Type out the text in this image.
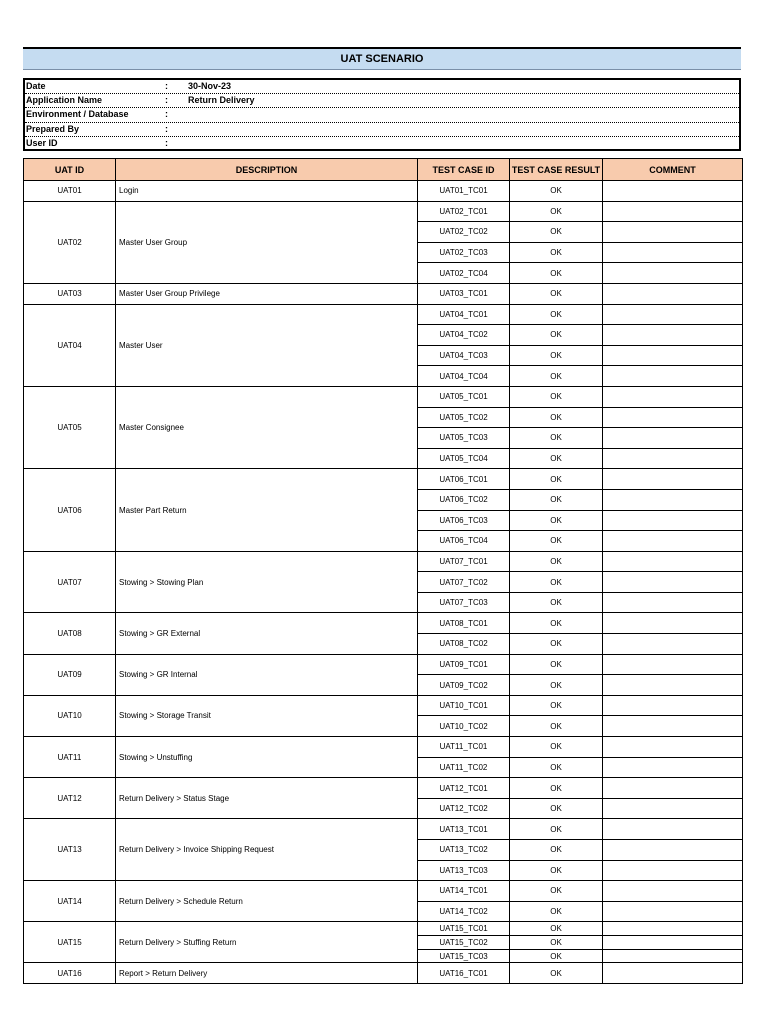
UAT SCENARIO
Date	: 30-Nov-23
Application Name	: Return Delivery
Environment / Database	:
Prepared By	:
User ID	:
UAT ID	DESCRIPTION	TEST CASE ID	TEST CASE RESULT	COMMENT
UAT01	Login	UAT01_TC01	OK	
UAT02	Master User Group	UAT02_TC01	OK	
		UAT02_TC02	OK	
		UAT02_TC03	OK	
		UAT02_TC04	OK	
UAT03	Master User Group Privilege	UAT03_TC01	OK	
UAT04	Master User	UAT04_TC01	OK	
		UAT04_TC02	OK	
		UAT04_TC03	OK	
		UAT04_TC04	OK	
UAT05	Master Consignee	UAT05_TC01	OK	
		UAT05_TC02	OK	
		UAT05_TC03	OK	
		UAT05_TC04	OK	
UAT06	Master Part Return	UAT06_TC01	OK	
		UAT06_TC02	OK	
		UAT06_TC03	OK	
		UAT06_TC04	OK	
UAT07	Stowing > Stowing Plan	UAT07_TC01	OK	
		UAT07_TC02	OK	
		UAT07_TC03	OK	
UAT08	Stowing > GR External	UAT08_TC01	OK	
		UAT08_TC02	OK	
UAT09	Stowing > GR Internal	UAT09_TC01	OK	
		UAT09_TC02	OK	
UAT10	Stowing > Storage Transit	UAT10_TC01	OK	
		UAT10_TC02	OK	
UAT11	Stowing > Unstuffing	UAT11_TC01	OK	
		UAT11_TC02	OK	
UAT12	Return Delivery > Status Stage	UAT12_TC01	OK	
		UAT12_TC02	OK	
UAT13	Return Delivery > Invoice Shipping Request	UAT13_TC01	OK	
		UAT13_TC02	OK	
		UAT13_TC03	OK	
UAT14	Return Delivery > Schedule Return	UAT14_TC01	OK	
		UAT14_TC02	OK	
UAT15	Return Delivery > Stuffing Return	UAT15_TC01	OK	
		UAT15_TC02	OK	
		UAT15_TC03	OK	
UAT16	Report > Return Delivery	UAT16_TC01	OK	
